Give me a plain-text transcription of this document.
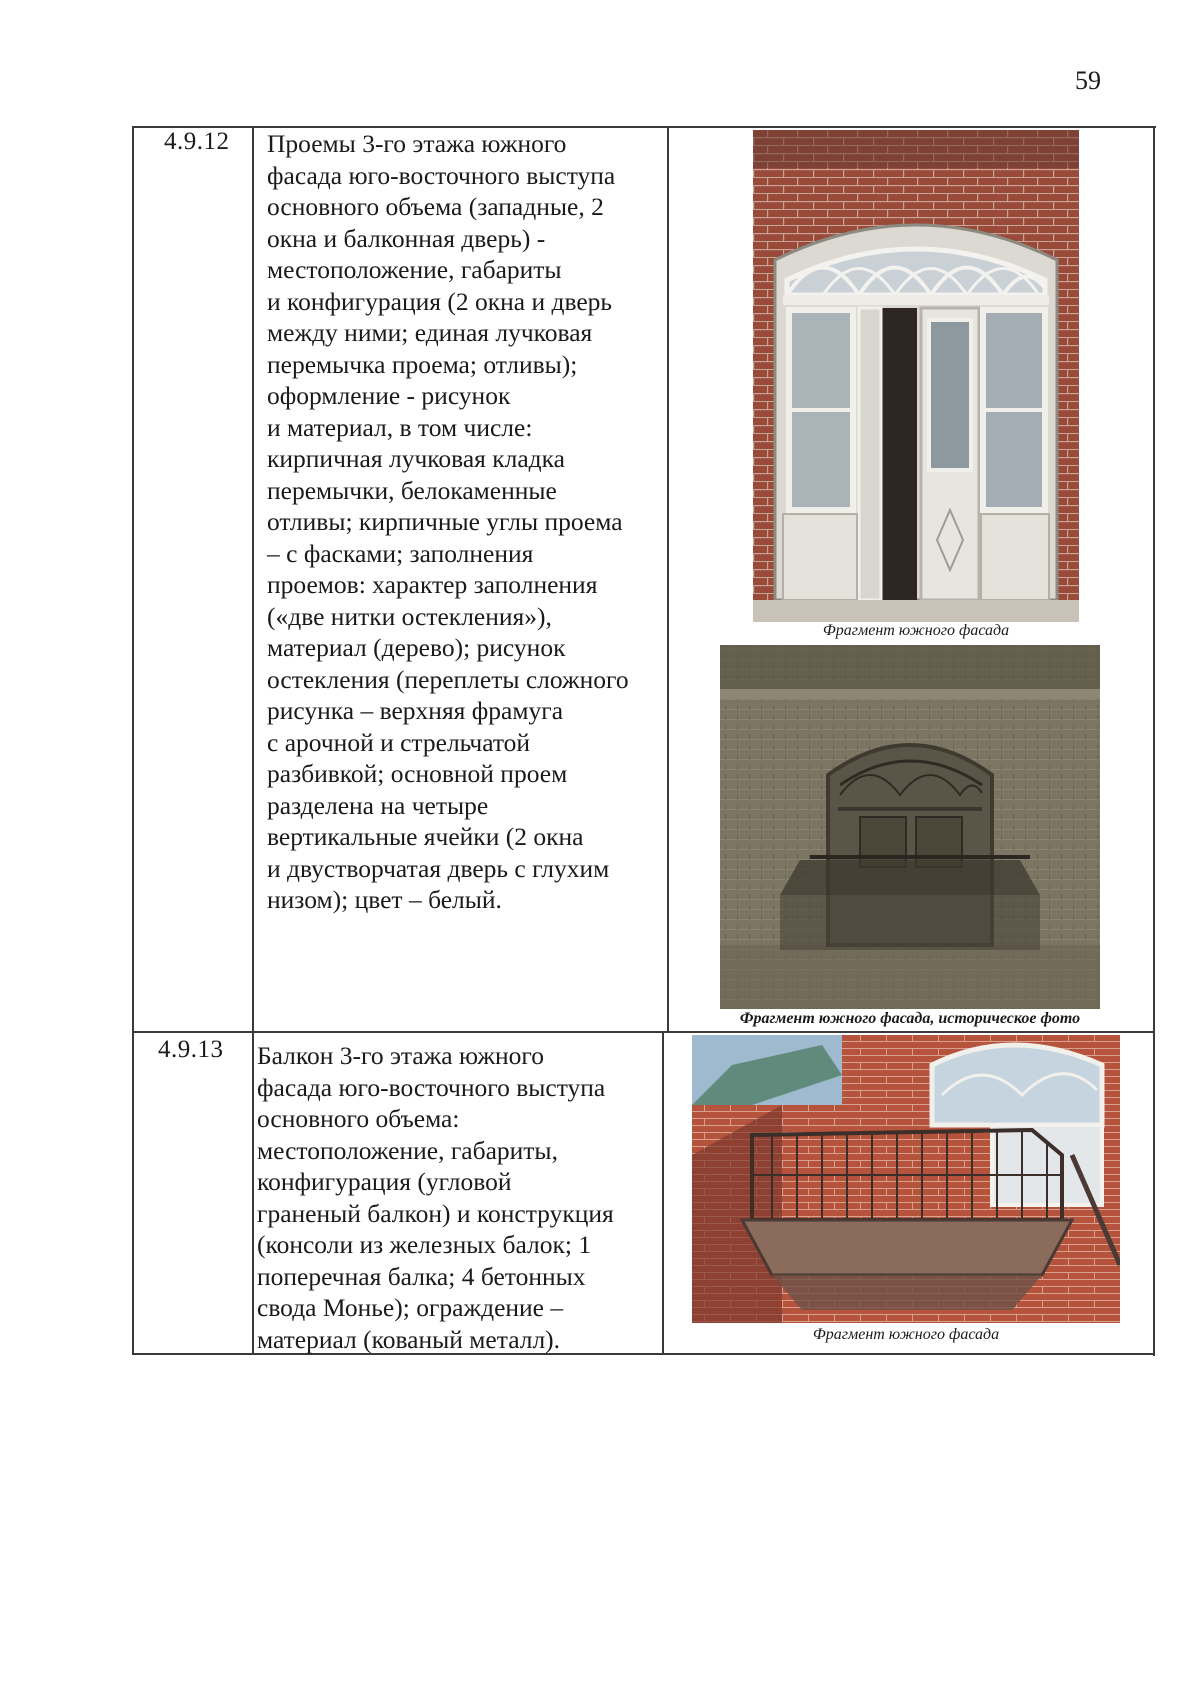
59
4.9.12 Проемы 3-го этажа южного
фасада юго-восточного выступа
основного объема (западные, 2
окна и балконная дверь) -
местоположение, габариты
и конфигурация (2 окна и дверь
между ними; единая лучковая
перемычка проема; отливы);
оформление - рисунок
и материал, в том числе:
кирпичная лучковая кладка
перемычки, белокаменные
отливы; кирпичные углы проема
– с фасками; заполнения
проемов: характер заполнения
(«две нитки остекления»),
материал (дерево); рисунок
остекления (переплеты сложного
рисунка – верхняя фрамуга
с арочной и стрельчатой
разбивкой; основной проем
разделена на четыре
вертикальные ячейки (2 окна
и двустворчатая дверь с глухим
низом); цвет – белый.
Фрагмент южного фасада
Фрагмент южного фасада, историческое фото
4.9.13 Балкон 3-го этажа южного
фасада юго-восточного выступа
основного объема:
местоположение, габариты,
конфигурация (угловой
граненый балкон) и конструкция
(консоли из железных балок; 1
поперечная балка; 4 бетонных
свода Монье); ограждение –
материал (кованый металл).	Фрагмент южного фасада
